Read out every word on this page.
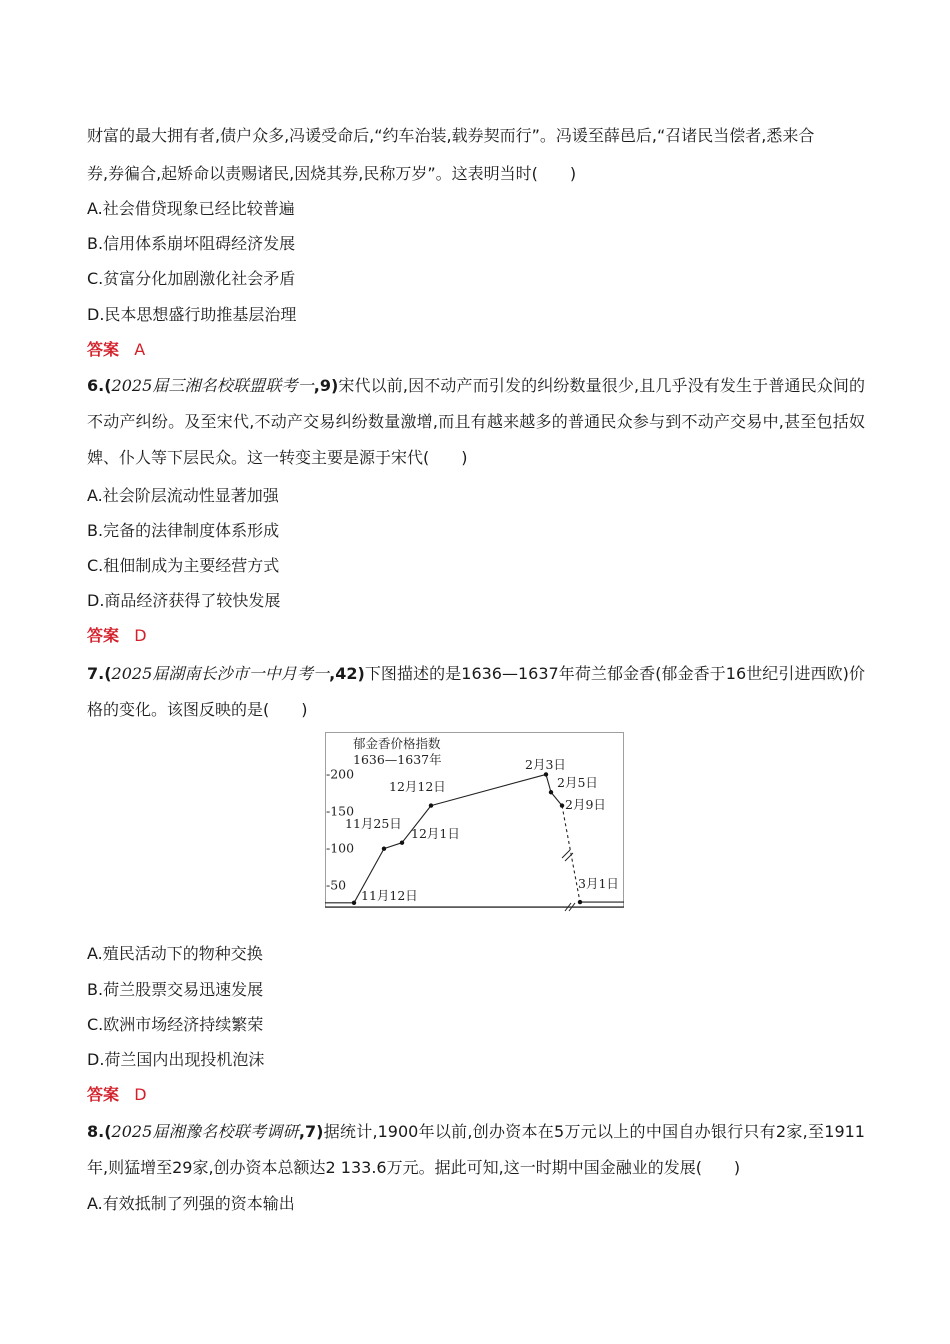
财富的最大拥有者,债户众多,冯谖受命后,“约车治装,载券契而行”。冯谖至薛邑后,“召诸民当偿者,悉来合
券,券徧合,起矫命以责赐诸民,因烧其券,民称万岁”。这表明当时(　　)
A.社会借贷现象已经比较普遍
B.信用体系崩坏阻碍经济发展
C.贫富分化加剧激化社会矛盾
D.民本思想盛行助推基层治理
答案 A
6.(2025届三湘名校联盟联考一,9)宋代以前,因不动产而引发的纠纷数量很少,且几乎没有发生于普通民众间的不动产纠纷。及至宋代,不动产交易纠纷数量激增,而且有越来越多的普通民众参与到不动产交易中,甚至包括奴婢、仆人等下层民众。这一转变主要是源于宋代(　　)
A.社会阶层流动性显著加强
B.完备的法律制度体系形成
C.租佃制成为主要经营方式
D.商品经济获得了较快发展
答案 D
7.(2025届湖南长沙市一中月考一,42)下图描述的是1636—1637年荷兰郁金香(郁金香于16世纪引进西欧)价格的变化。该图反映的是(　　)
郁金香价格指数
1636—1637年
-200
-150
-100
-50
11月12日
11月25日
12月1日
12月12日
2月3日
2月5日
2月9日
3月1日
A.殖民活动下的物种交换
B.荷兰股票交易迅速发展
C.欧洲市场经济持续繁荣
D.荷兰国内出现投机泡沫
答案 D
8.(2025届湘豫名校联考调研,7)据统计,1900年以前,创办资本在5万元以上的中国自办银行只有2家,至1911年,则猛增至29家,创办资本总额达2 133.6万元。据此可知,这一时期中国金融业的发展(　　)
A.有效抵制了列强的资本输出
